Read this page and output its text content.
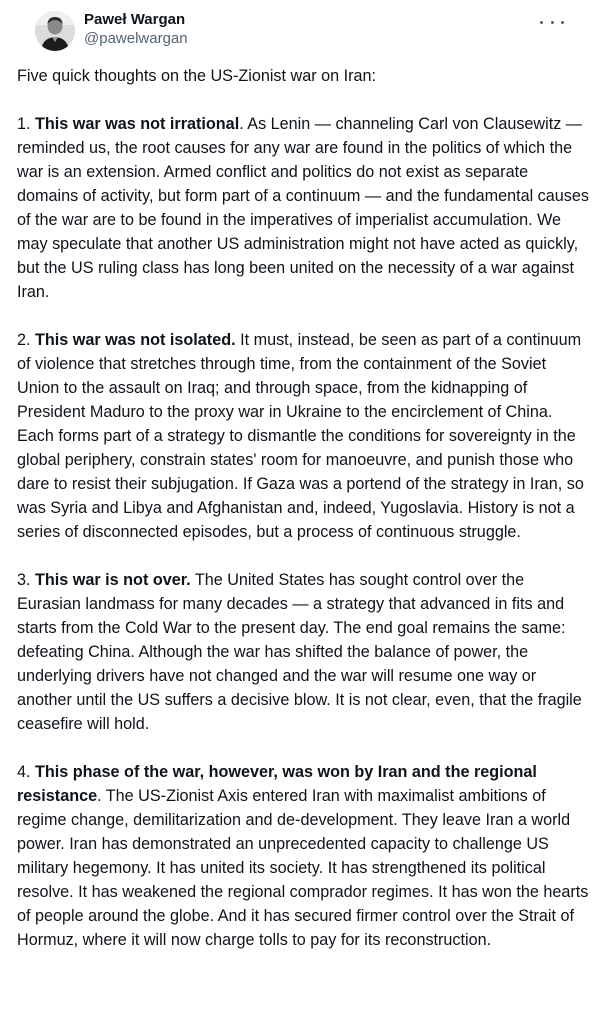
Paweł Wargan
@pawelwargan

Five quick thoughts on the US-Zionist war on Iran:

1. This war was not irrational. As Lenin — channeling Carl von Clausewitz — reminded us, the root causes for any war are found in the politics of which the war is an extension. Armed conflict and politics do not exist as separate domains of activity, but form part of a continuum — and the fundamental causes of the war are to be found in the imperatives of imperialist accumulation. We may speculate that another US administration might not have acted as quickly, but the US ruling class has long been united on the necessity of a war against Iran.

2. This war was not isolated. It must, instead, be seen as part of a continuum of violence that stretches through time, from the containment of the Soviet Union to the assault on Iraq; and through space, from the kidnapping of President Maduro to the proxy war in Ukraine to the encirclement of China. Each forms part of a strategy to dismantle the conditions for sovereignty in the global periphery, constrain states' room for manoeuvre, and punish those who dare to resist their subjugation. If Gaza was a portend of the strategy in Iran, so was Syria and Libya and Afghanistan and, indeed, Yugoslavia. History is not a series of disconnected episodes, but a process of continuous struggle.

3. This war is not over. The United States has sought control over the Eurasian landmass for many decades — a strategy that advanced in fits and starts from the Cold War to the present day. The end goal remains the same: defeating China. Although the war has shifted the balance of power, the underlying drivers have not changed and the war will resume one way or another until the US suffers a decisive blow. It is not clear, even, that the fragile ceasefire will hold.

4. This phase of the war, however, was won by Iran and the regional resistance. The US-Zionist Axis entered Iran with maximalist ambitions of regime change, demilitarization and de-development. They leave Iran a world power. Iran has demonstrated an unprecedented capacity to challenge US military hegemony. It has united its society. It has strengthened its political resolve. It has weakened the regional comprador regimes. It has won the hearts of people around the globe. And it has secured firmer control over the Strait of Hormuz, where it will now charge tolls to pay for its reconstruction.
